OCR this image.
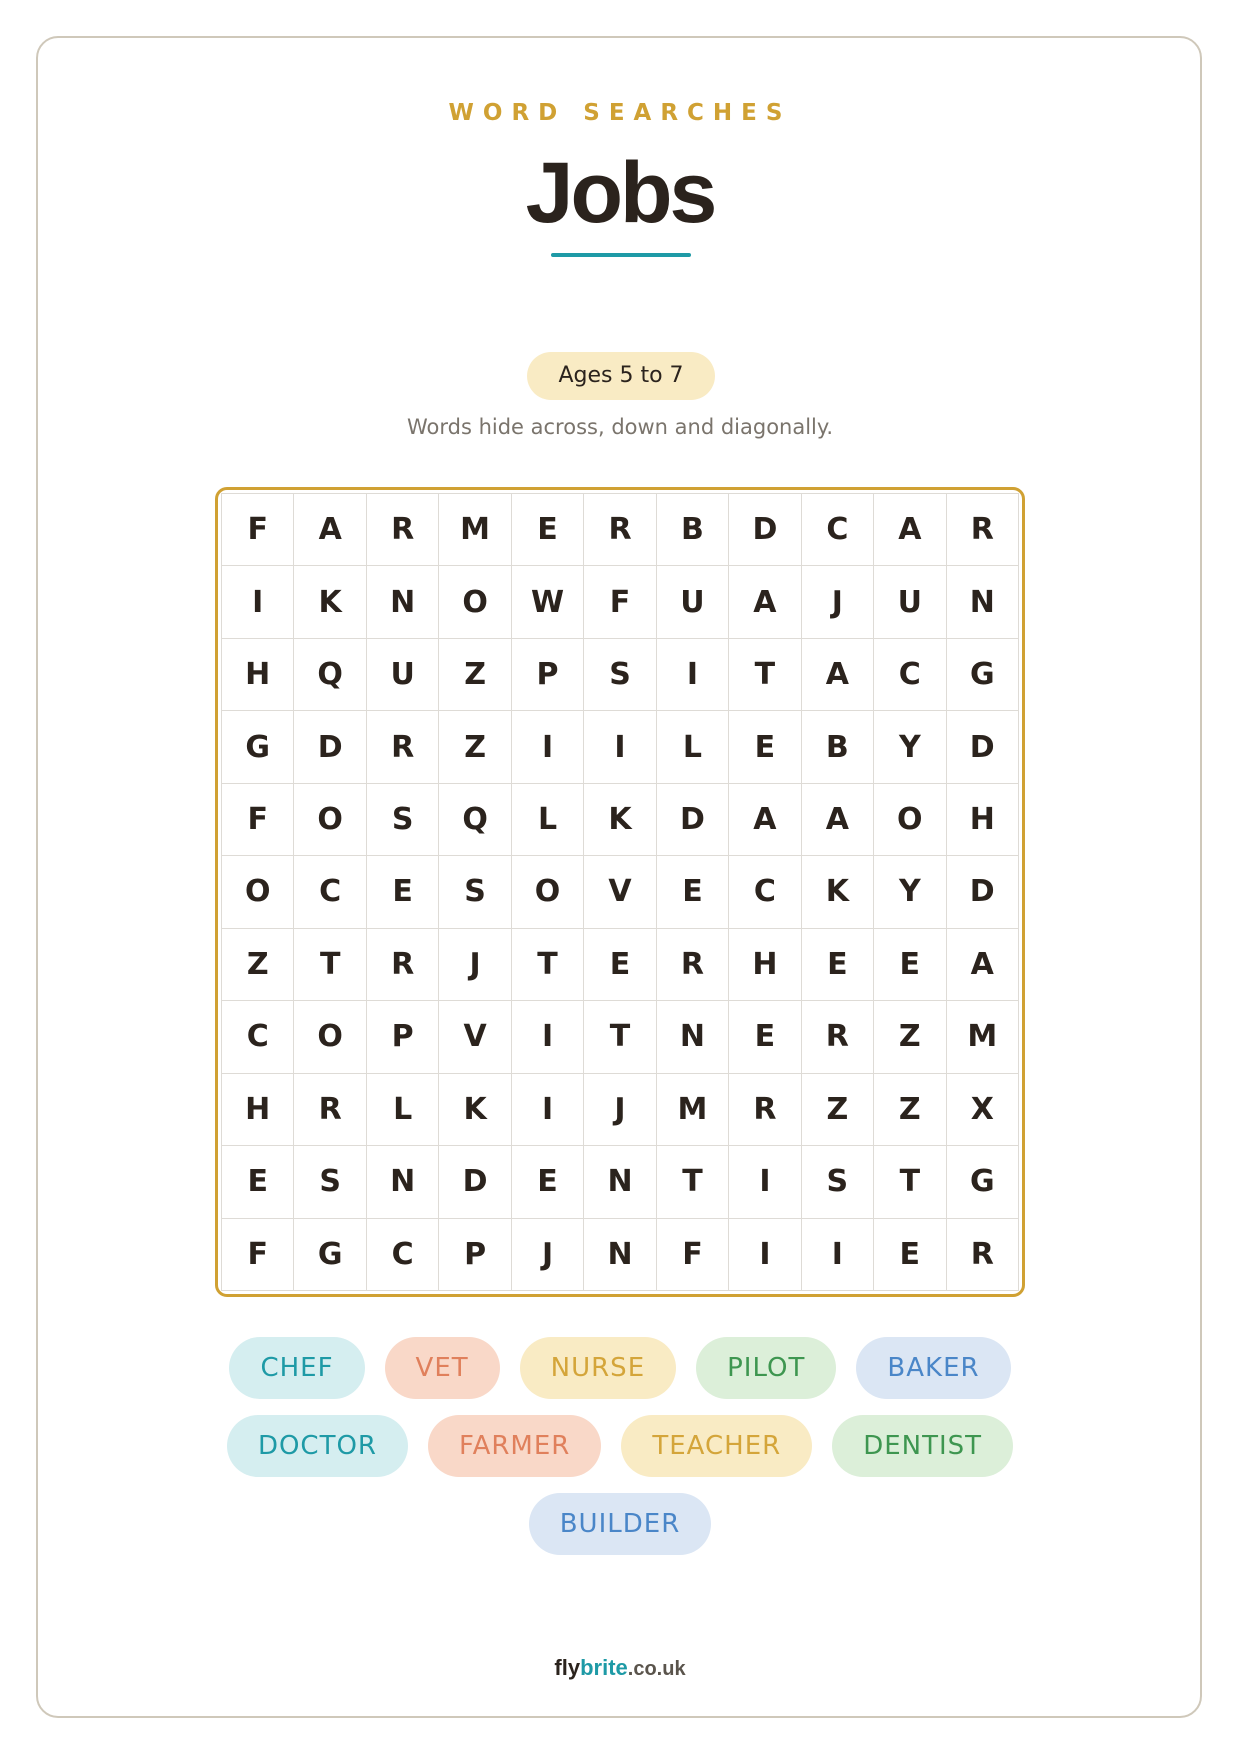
WORD SEARCHES
Jobs
Ages 5 to 7
Words hide across, down and diagonally.
F	A	R	M	E	R	B	D	C	A	R
I	K	N	O	W	F	U	A	J	U	N
H	Q	U	Z	P	S	I	T	A	C	G
G	D	R	Z	I	I	L	E	B	Y	D
F	O	S	Q	L	K	D	A	A	O	H
O	C	E	S	O	V	E	C	K	Y	D
Z	T	R	J	T	E	R	H	E	E	A
C	O	P	V	I	T	N	E	R	Z	M
H	R	L	K	I	J	M	R	Z	Z	X
E	S	N	D	E	N	T	I	S	T	G
F	G	C	P	J	N	F	I	I	E	R
CHEF	VET	NURSE	PILOT	BAKER
DOCTOR	FARMER	TEACHER	DENTIST
BUILDER
flybrite.co.uk
